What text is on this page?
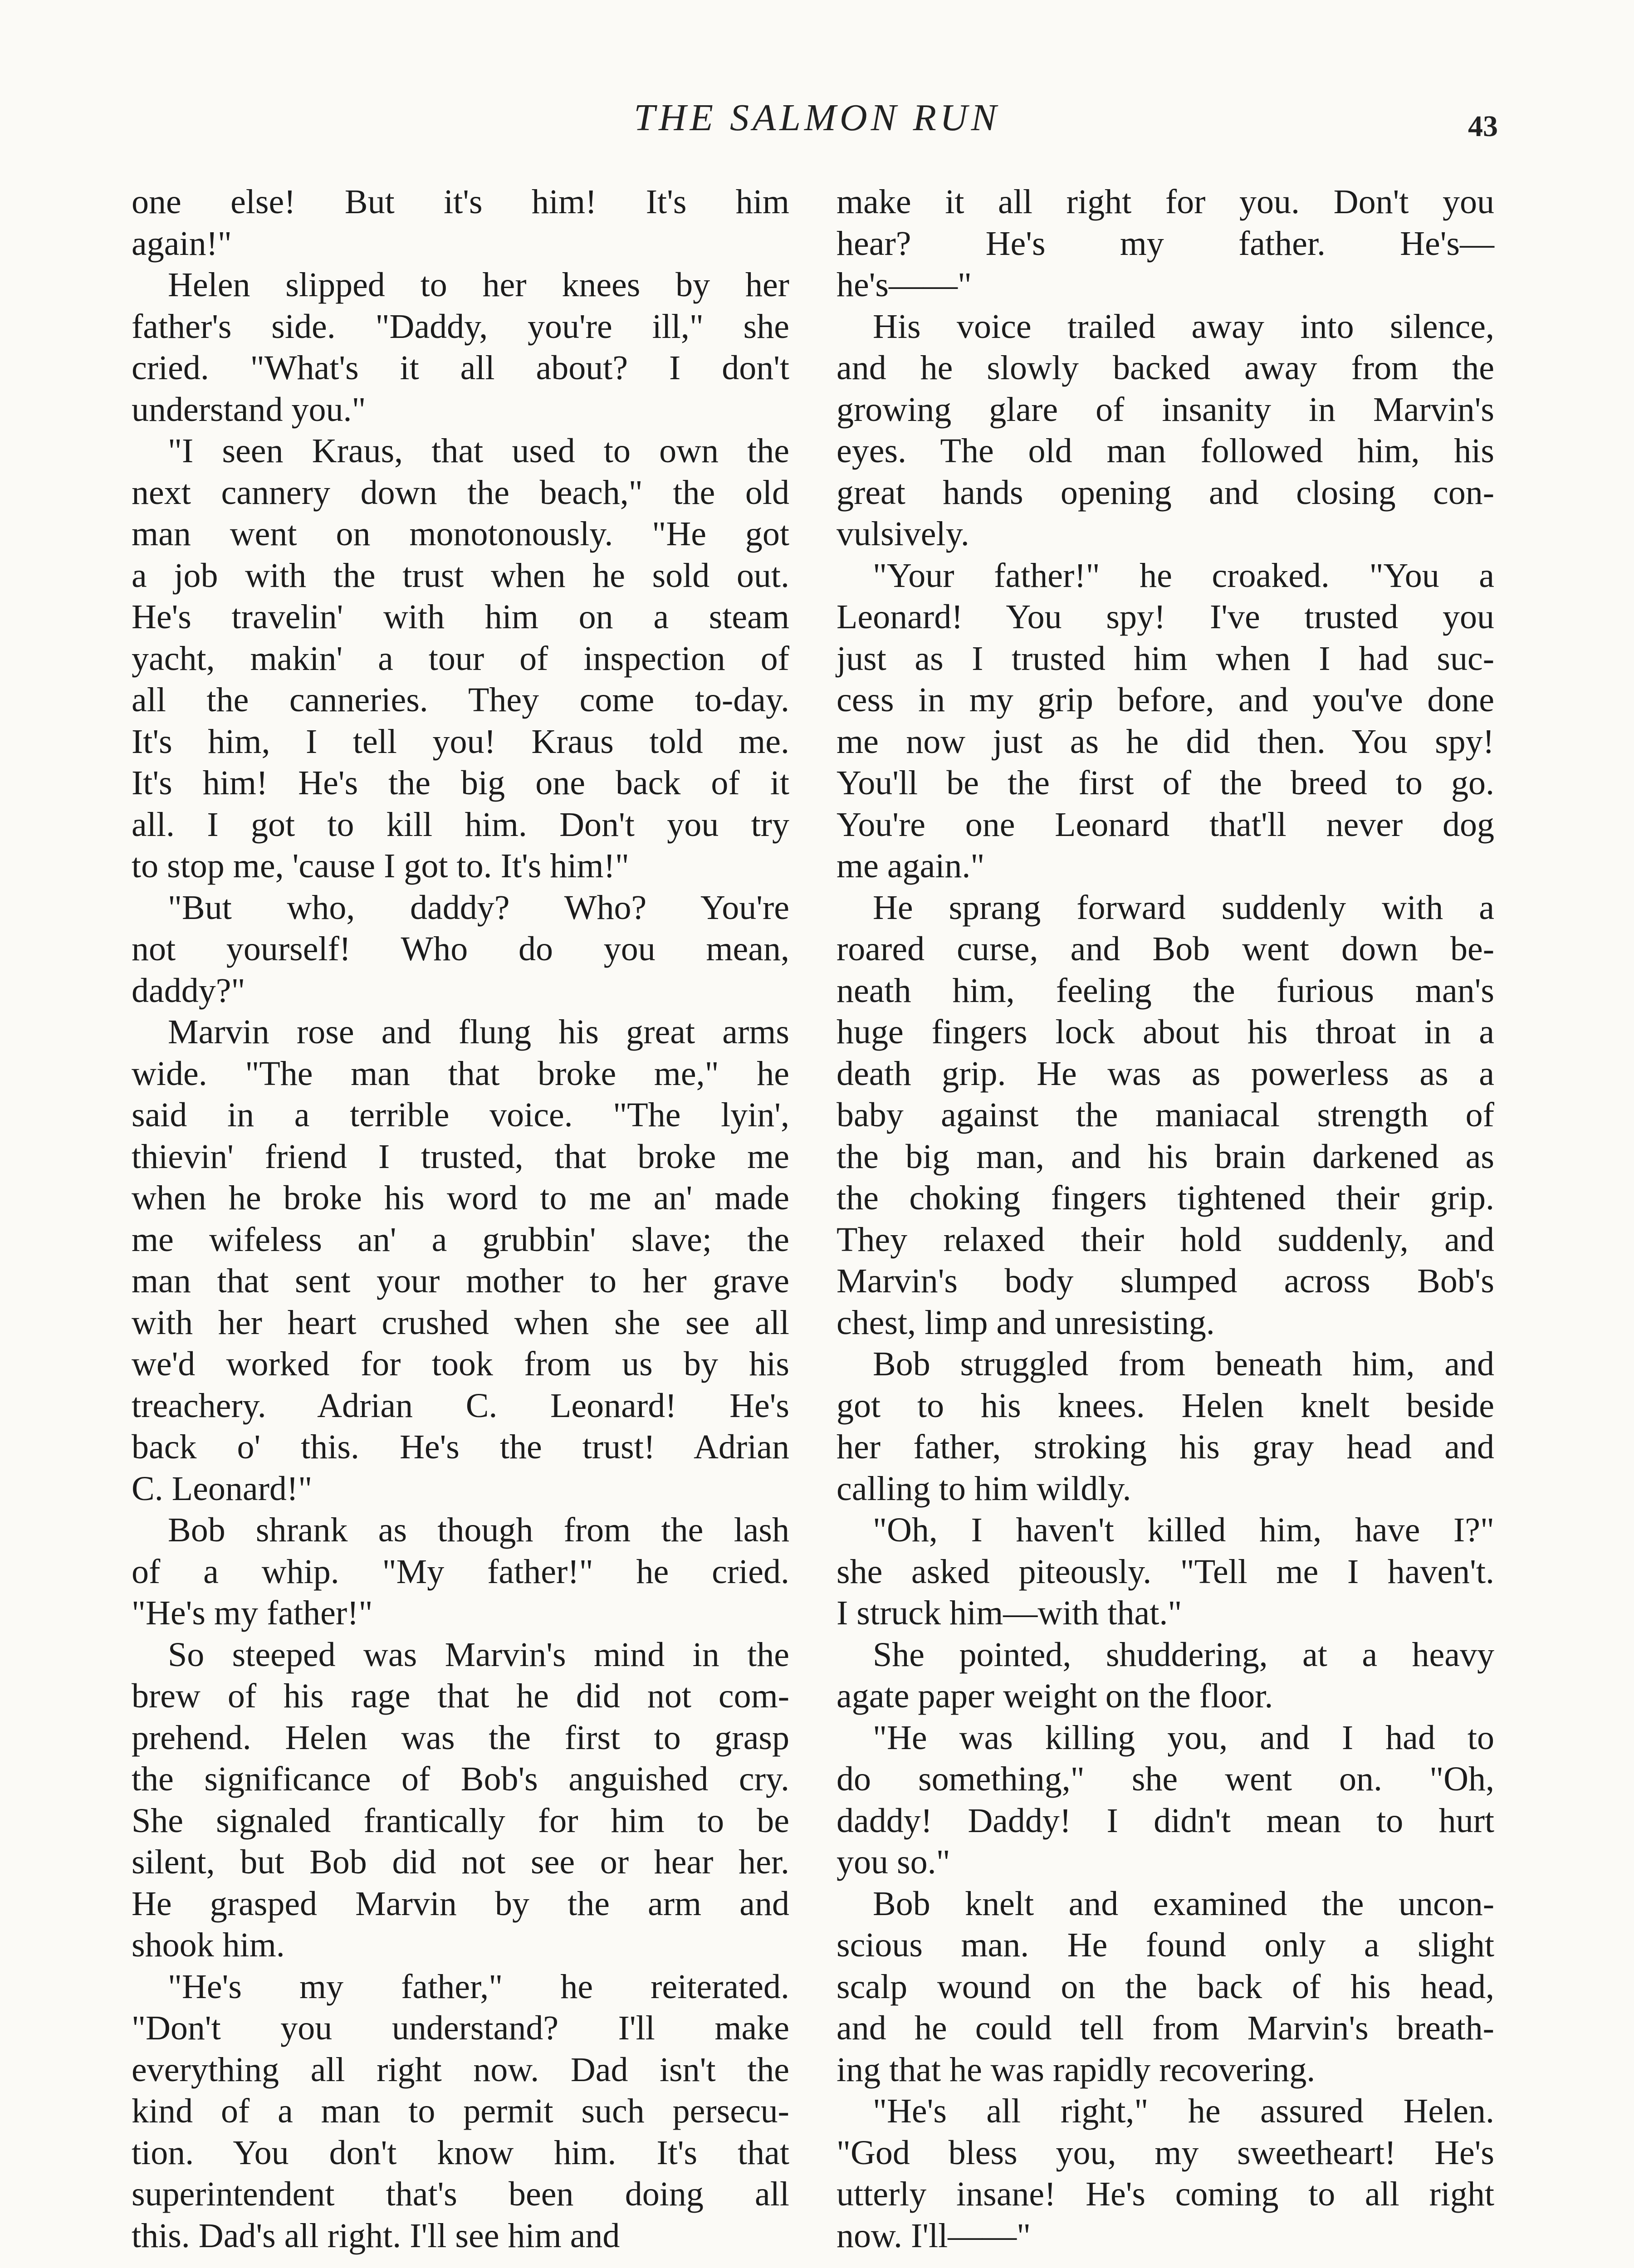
THE SALMON RUN	43

one else! But it's him! It's him

again!"

Helen slipped to her knees by her

father's side. "Daddy, you're ill," she

cried. "What's it all about? I don't

understand you."

"I seen Kraus, that used to own the

next cannery down the beach," the old

man went on monotonously. "He got

a job with the trust when he sold out.

He's travelin' with him on a steam

yacht, makin' a tour of inspection of

all the canneries. They come to-day.

It's him, I tell you! Kraus told me.

It's him! He's the big one back of it

all. I got to kill him. Don't you try

to stop me, 'cause I got to. It's him!"

"But who, daddy? Who? You're

not yourself! Who do you mean,

daddy?"

Marvin rose and flung his great arms

wide. "The man that broke me," he

said in a terrible voice. "The lyin',

thievin' friend I trusted, that broke me

when he broke his word to me an' made

me wifeless an' a grubbin' slave; the

man that sent your mother to her grave

with her heart crushed when she see all

we'd worked for took from us by his

treachery. Adrian C. Leonard! He's

back o' this. He's the trust! Adrian

C. Leonard!"

Bob shrank as though from the lash

of a whip. "My father!" he cried.

"He's my father!"

So steeped was Marvin's mind in the

brew of his rage that he did not com-

prehend. Helen was the first to grasp

the significance of Bob's anguished cry.

She signaled frantically for him to be

silent, but Bob did not see or hear her.

He grasped Marvin by the arm and

shook him.

"He's my father," he reiterated.

"Don't you understand? I'll make

everything all right now. Dad isn't the

kind of a man to permit such persecu-

tion. You don't know him. It's that

superintendent that's been doing all

this. Dad's all right. I'll see him and

make it all right for you. Don't you

hear? He's my father. He's—

he's——"

His voice trailed away into silence,

and he slowly backed away from the

growing glare of insanity in Marvin's

eyes. The old man followed him, his

great hands opening and closing con-

vulsively.

"Your father!" he croaked. "You a

Leonard! You spy! I've trusted you

just as I trusted him when I had suc-

cess in my grip before, and you've done

me now just as he did then. You spy!

You'll be the first of the breed to go.

You're one Leonard that'll never dog

me again."

He sprang forward suddenly with a

roared curse, and Bob went down be-

neath him, feeling the furious man's

huge fingers lock about his throat in a

death grip. He was as powerless as a

baby against the maniacal strength of

the big man, and his brain darkened as

the choking fingers tightened their grip.

They relaxed their hold suddenly, and

Marvin's body slumped across Bob's

chest, limp and unresisting.

Bob struggled from beneath him, and

got to his knees. Helen knelt beside

her father, stroking his gray head and

calling to him wildly.

"Oh, I haven't killed him, have I?"

she asked piteously. "Tell me I haven't.

I struck him—with that."

She pointed, shuddering, at a heavy

agate paper weight on the floor.

"He was killing you, and I had to

do something," she went on. "Oh,

daddy! Daddy! I didn't mean to hurt

you so."

Bob knelt and examined the uncon-

scious man. He found only a slight

scalp wound on the back of his head,

and he could tell from Marvin's breath-

ing that he was rapidly recovering.

"He's all right," he assured Helen.

"God bless you, my sweetheart! He's

utterly insane! He's coming to all right

now. I'll——"
